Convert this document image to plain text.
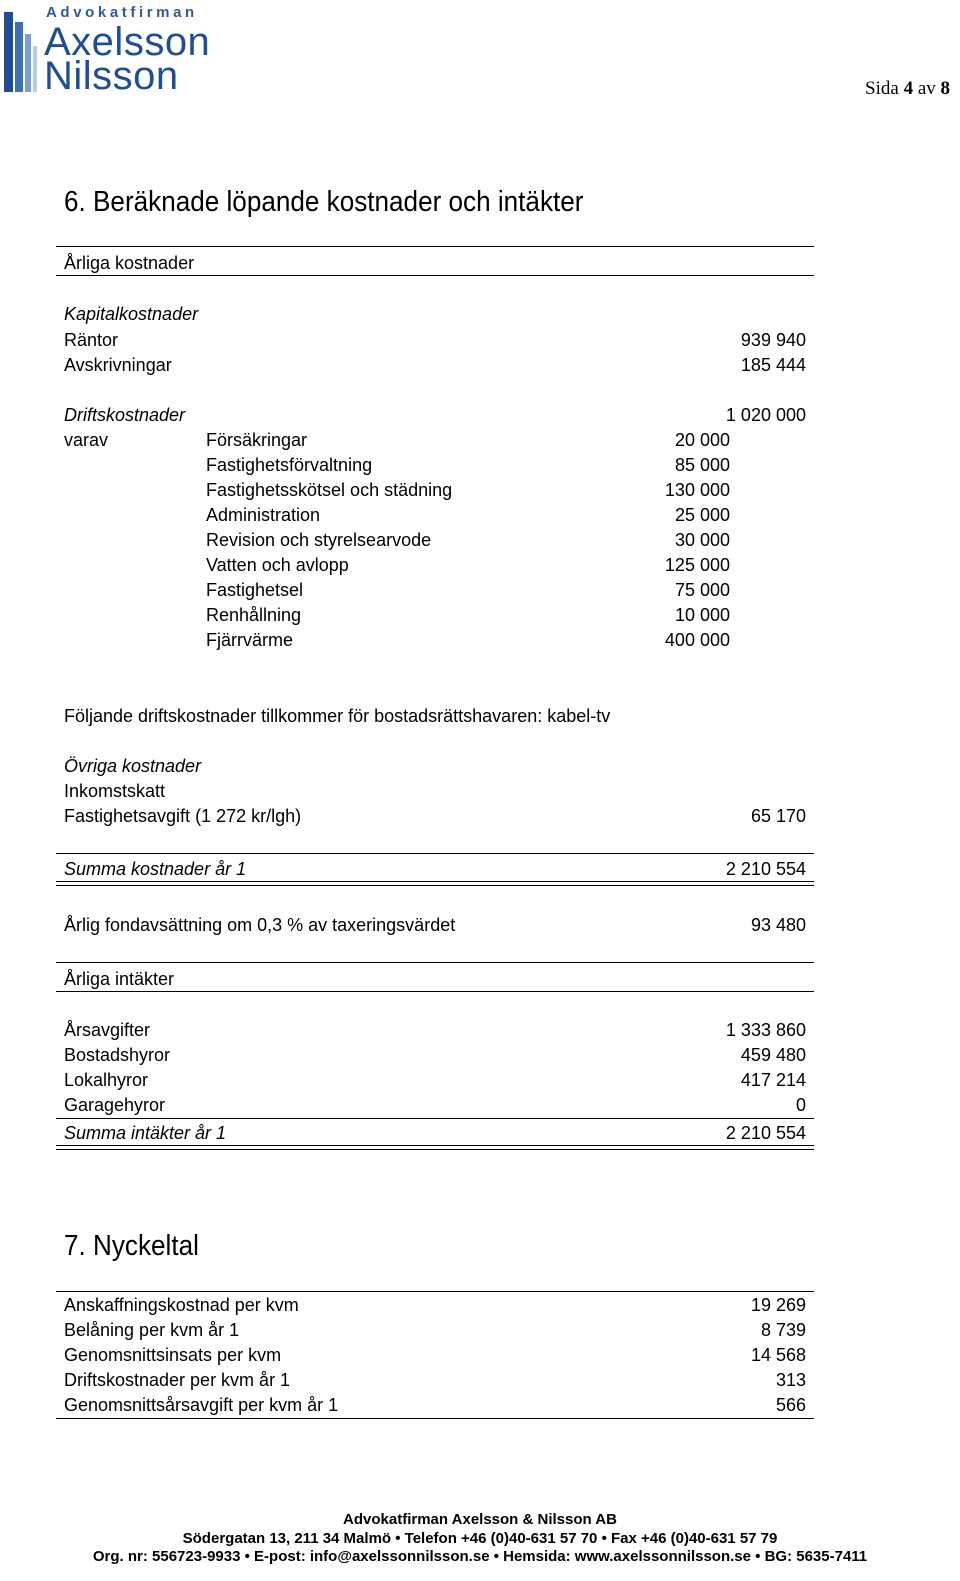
Advokatfirman
Axelsson
Nilsson	Sida 4 av 8
6. Beräknade löpande kostnader och intäkter
Årliga kostnader
Kapitalkostnader
Räntor	939 940
Avskrivningar	185 444
Driftskostnader	1 020 000
varav	Försäkringar	20 000
Fastighetsförvaltning	85 000
Fastighetsskötsel och städning	130 000
Administration	25 000
Revision och styrelsearvode	30 000
Vatten och avlopp	125 000
Fastighetsel	75 000
Renhållning	10 000
Fjärrvärme	400 000
Följande driftskostnader tillkommer för bostadsrättshavaren: kabel-tv
Övriga kostnader
Inkomstskatt
Fastighetsavgift (1 272 kr/lgh)	65 170
Summa kostnader år 1	2 210 554
Årlig fondavsättning om 0,3 % av taxeringsvärdet	93 480
Årliga intäkter
Årsavgifter	1 333 860
Bostadshyror	459 480
Lokalhyror	417 214
Garagehyror	0
Summa intäkter år 1	2 210 554
7. Nyckeltal
Anskaffningskostnad per kvm	19 269
Belåning per kvm år 1	8 739
Genomsnittsinsats per kvm	14 568
Driftskostnader per kvm år 1	313
Genomsnittsårsavgift per kvm år 1	566
Advokatfirman Axelsson & Nilsson AB
Södergatan 13, 211 34 Malmö • Telefon +46 (0)40-631 57 70 • Fax +46 (0)40-631 57 79
Org. nr: 556723-9933 • E-post: info@axelssonnilsson.se • Hemsida: www.axelssonnilsson.se • BG: 5635-7411
